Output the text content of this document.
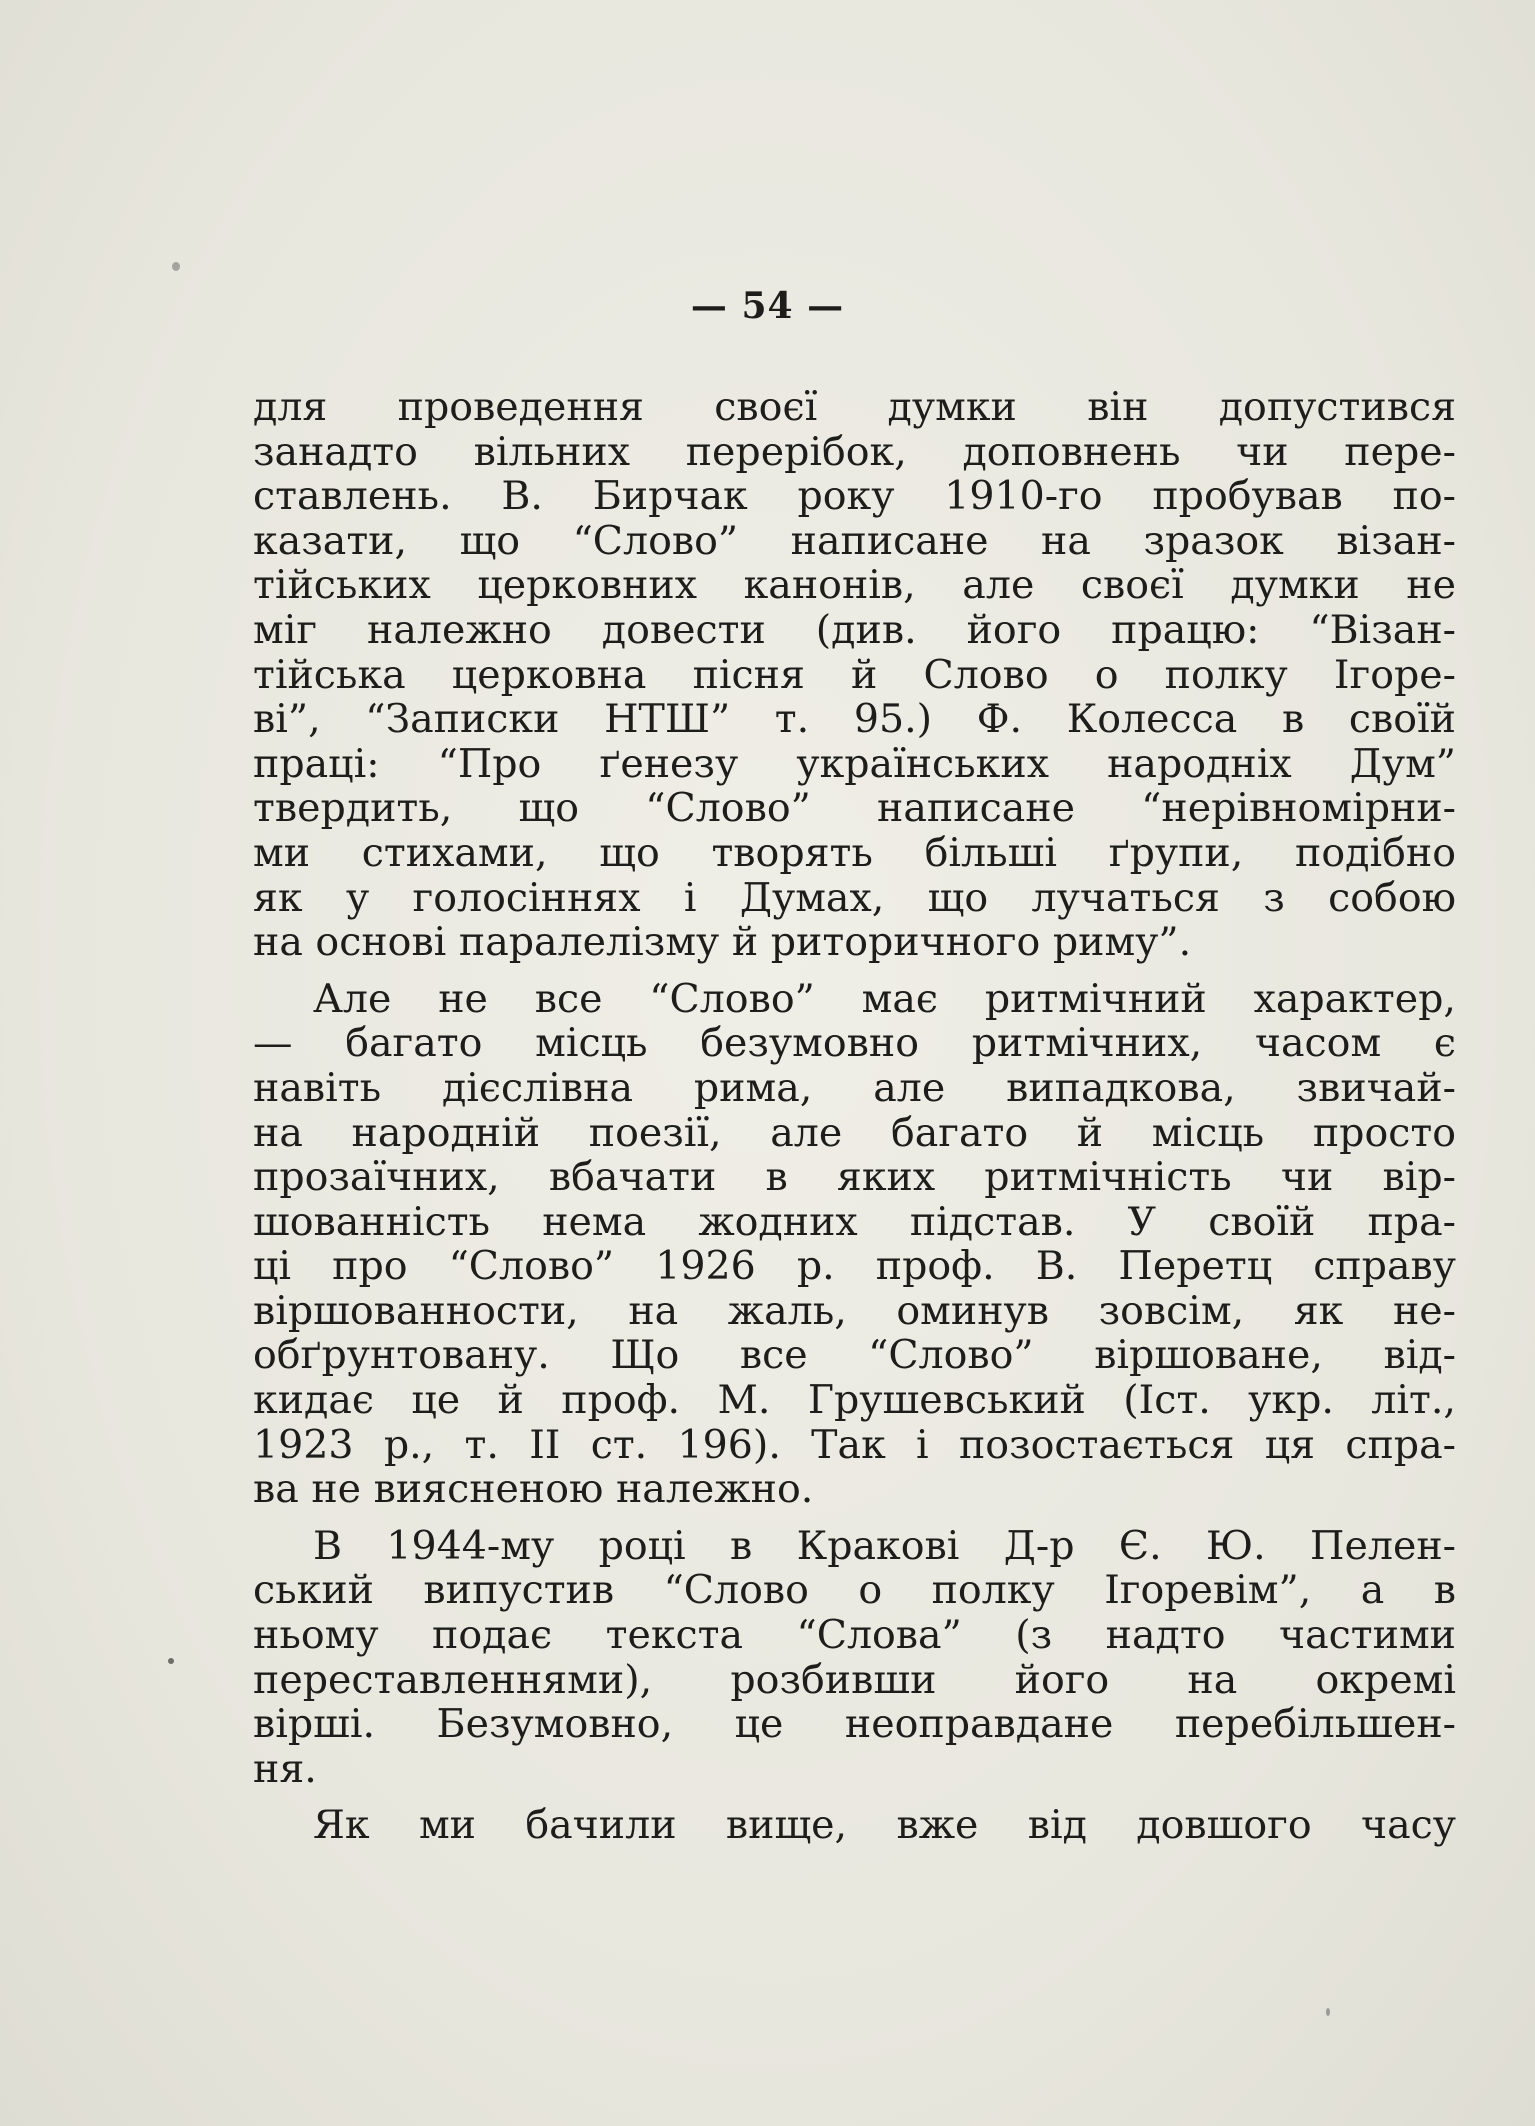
— 54 —
для проведення своєї думки він допустився
занадто вільних перерібок, доповнень чи пере-
ставлень. В. Бирчак року 1910-го пробував по-
казати, що “Слово” написане на зразок візан-
тійських церковних канонів, але своєї думки не
міг належно довести (див. його працю: “Візан-
тійська церковна пісня й Слово о полку Ігоре-
ві”, “Записки НТШ” т. 95.) Ф. Колесса в своїй
праці: “Про ґенезу українських народніх Дум”
твердить, що “Слово” написане “нерівномірни-
ми стихами, що творять більші ґрупи, подібно
як у голосіннях і Думах, що лучаться з собою
на основі паралелізму й риторичного риму”.
Але не все “Слово” має ритмічний характер,
— багато місць безумовно ритмічних, часом є
навіть дієслівна рима, але випадкова, звичай-
на народній поезії, але багато й місць просто
прозаїчних, вбачати в яких ритмічність чи вір-
шованність нема жодних підстав. У своїй пра-
ці про “Слово” 1926 р. проф. В. Перетц справу
віршованности, на жаль, оминув зовсім, як не-
обґрунтовану. Що все “Слово” віршоване, від-
кидає це й проф. М. Грушевський (Іст. укр. літ.,
1923 р., т. II ст. 196). Так і позостається ця спра-
ва не виясненою належно.
В 1944-му році в Кракові Д-р Є. Ю. Пелен-
ський випустив “Слово о полку Ігоревім”, а в
ньому подає текста “Слова” (з надто частими
переставленнями), розбивши його на окремі
вірші. Безумовно, це неоправдане перебільшен-
ня.
Як ми бачили вище, вже від довшого часу
